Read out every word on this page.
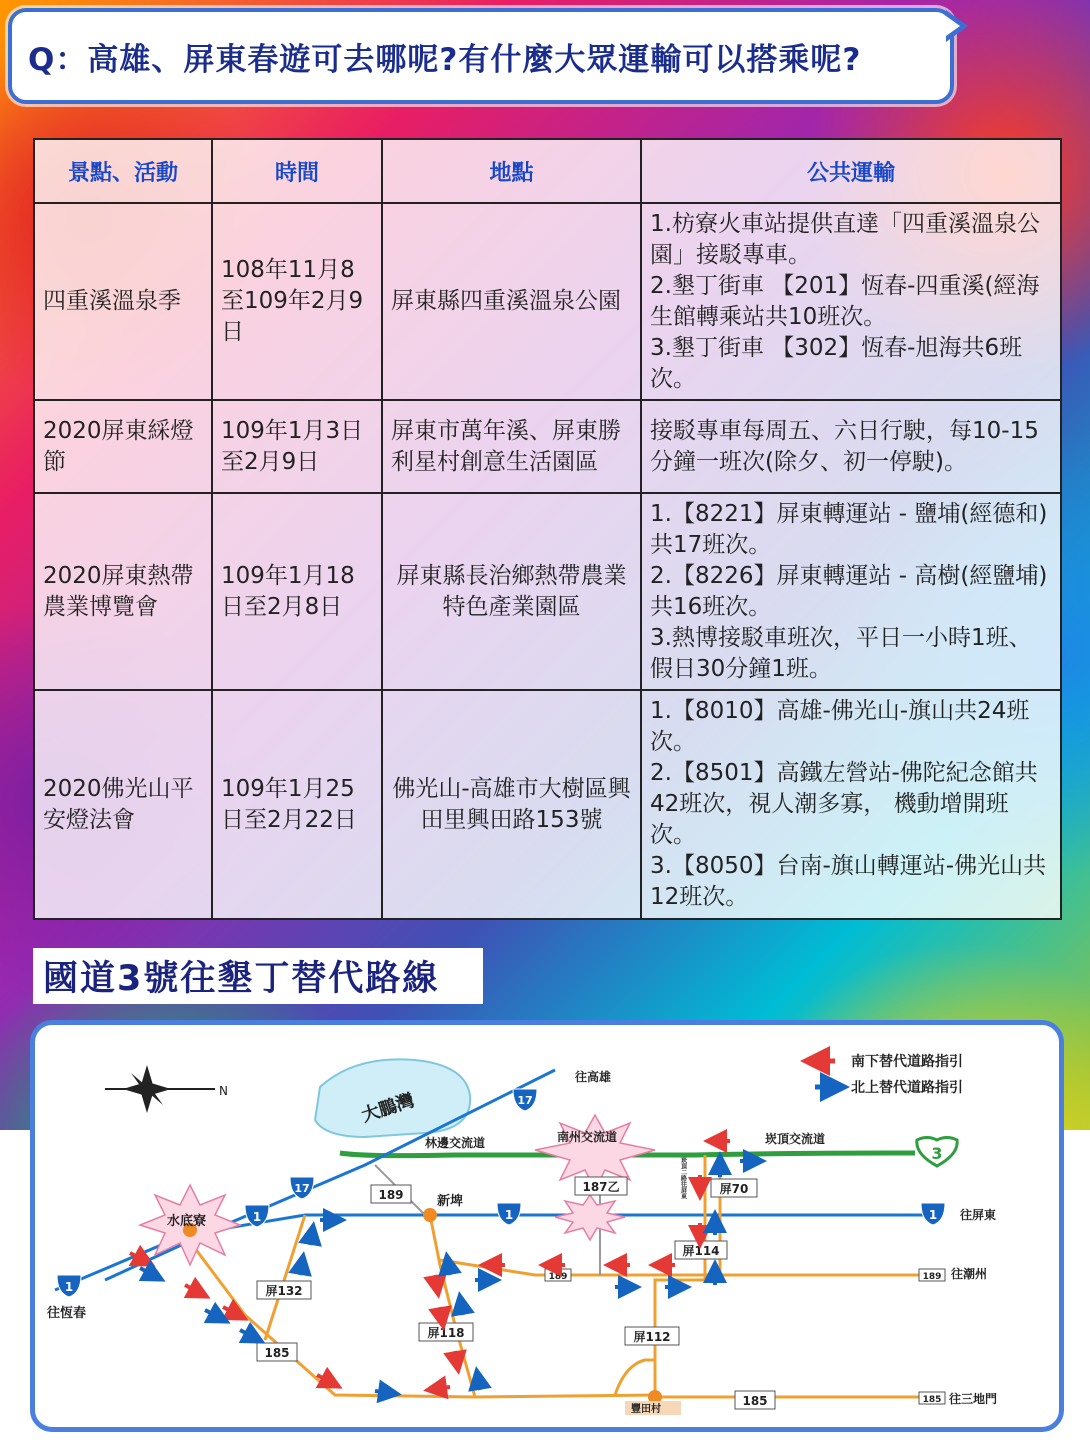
Q：高雄、屏東春遊可去哪呢?有什麼大眾運輸可以搭乘呢?
景點、活動	時間	地點	公共運輸
四重溪溫泉季	108年11月8至109年2月9日	屏東縣四重溪溫泉公園	1.枋寮火車站提供直達「四重溪溫泉公園」接駁專車。
2.墾丁街車 【201】恆春-四重溪(經海生館轉乘站共10班次。
3.墾丁街車 【302】恆春-旭海共6班次。

2020屏東綵燈節	109年1月3日至2月9日	屏東市萬年溪、屏東勝利星村創意生活園區	接駁專車每周五、六日行駛，每10-15分鐘一班次(除夕、初一停駛)。

2020屏東熱帶農業博覽會	109年1月18日至2月8日	屏東縣長治鄉熱帶農業特色產業園區	1.【8221】屏東轉運站 - 鹽埔(經德和)共17班次。
2.【8226】屏東轉運站 - 高樹(經鹽埔)共16班次。
3.熱博接駁車班次，平日一小時1班、假日30分鐘1班。

2020佛光山平安燈法會	109年1月25日至2月22日	佛光山-高雄市大樹區興田里興田路153號	1.【8010】高雄-佛光山-旗山共24班次。
2.【8501】高鐵左營站-佛陀紀念館共42班次，視人潮多寡， 機動增開班次。
3.【8050】台南-旗山轉運站-佛光山共12班次。
國道3號往墾丁替代路線
N	大鵬灣
1
1	1	1
17
17
3
189
187乙	屏70
屏114
屏132
屏118	屏112
185
185
189	189
185
往高雄
往屏東
往潮州
往恆春
往三地門
林邊交流道	南州交流道	崁頂交流道
水底寮
新埤
豐田村
崁頂二路往屏東
南下替代道路指引
北上替代道路指引
